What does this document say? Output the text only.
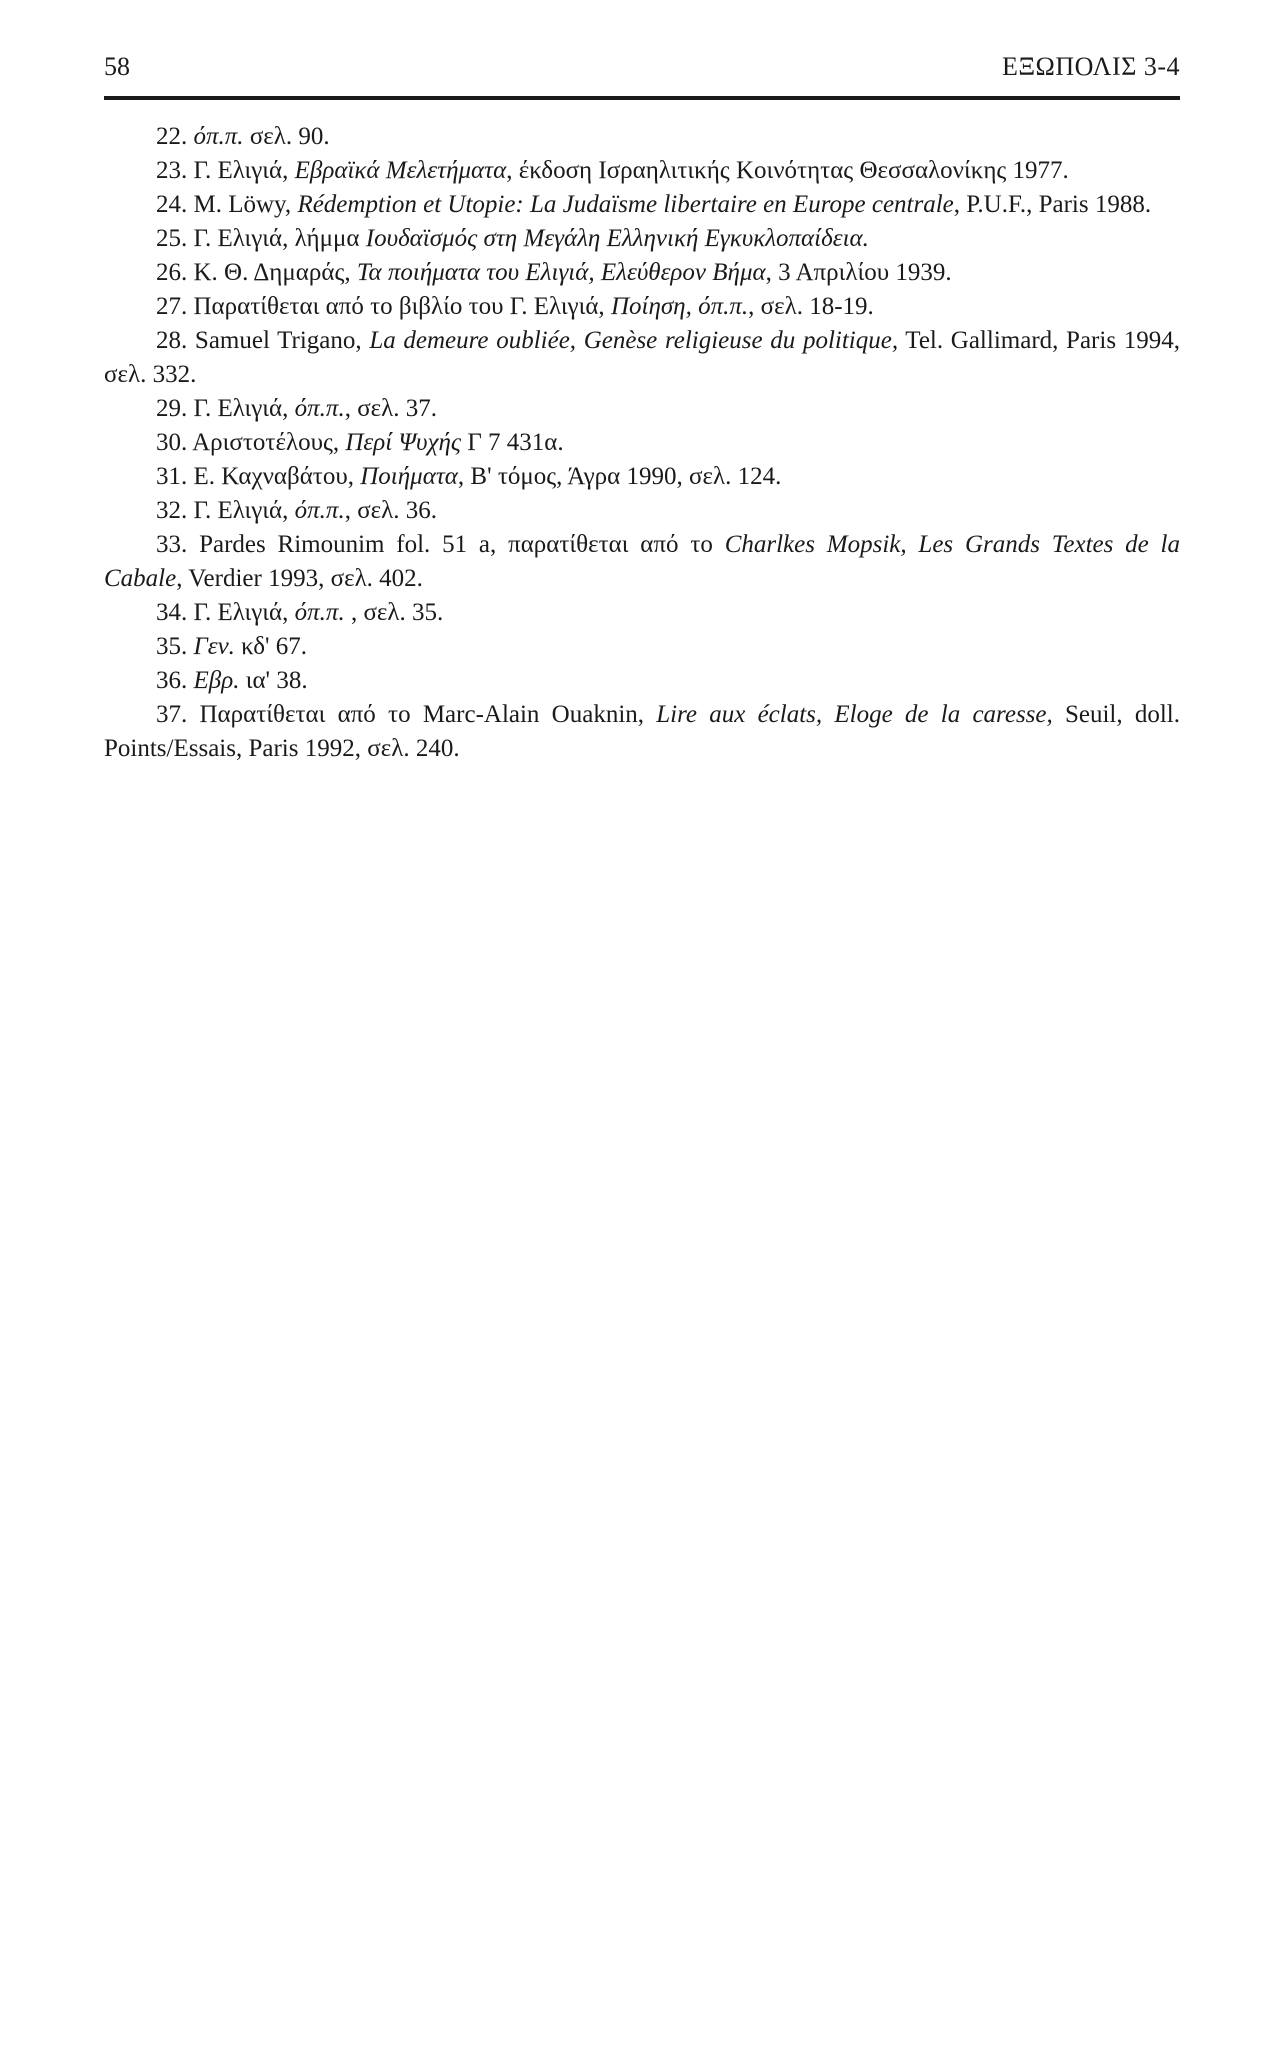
58	ΕΞΩΠΟΛΙΣ 3-4

22. όπ.π. σελ. 90.

23. Γ. Ελιγιά, Εβραϊκά Μελετήματα, έκδοση Ισραηλιτικής Κοινότητας Θεσσαλονίκης 1977.

24. M. Löwy, Rédemption et Utopie: La Judaïsme libertaire en Europe centrale, P.U.F., Paris 1988.

25. Γ. Ελιγιά, λήμμα Ιουδαϊσμός στη Μεγάλη Ελληνική Εγκυκλοπαίδεια.

26. Κ. Θ. Δημαράς, Τα ποιήματα του Ελιγιά, Ελεύθερον Βήμα, 3 Απριλίου 1939.

27. Παρατίθεται από το βιβλίο του Γ. Ελιγιά, Ποίηση, όπ.π., σελ. 18-19.

28. Samuel Trigano, La demeure oubliée, Genèse religieuse du politique, Tel. Gallimard, Paris 1994, σελ. 332.

29. Γ. Ελιγιά, όπ.π., σελ. 37.

30. Αριστοτέλους, Περί Ψυχής Γ 7 431α.

31. Ε. Καχναβάτου, Ποιήματα, Β' τόμος, Άγρα 1990, σελ. 124.

32. Γ. Ελιγιά, όπ.π., σελ. 36.

33. Pardes Rimounim fol. 51 a, παρατίθεται από το Charlkes Mopsik, Les Grands Textes de la Cabale, Verdier 1993, σελ. 402.

34. Γ. Ελιγιά, όπ.π. , σελ. 35.

35. Γεν. κδ' 67.

36. Εβρ. ια' 38.

37. Παρατίθεται από το Marc-Alain Ouaknin, Lire aux éclats, Eloge de la caresse, Seuil, doll. Points/Essais, Paris 1992, σελ. 240.
